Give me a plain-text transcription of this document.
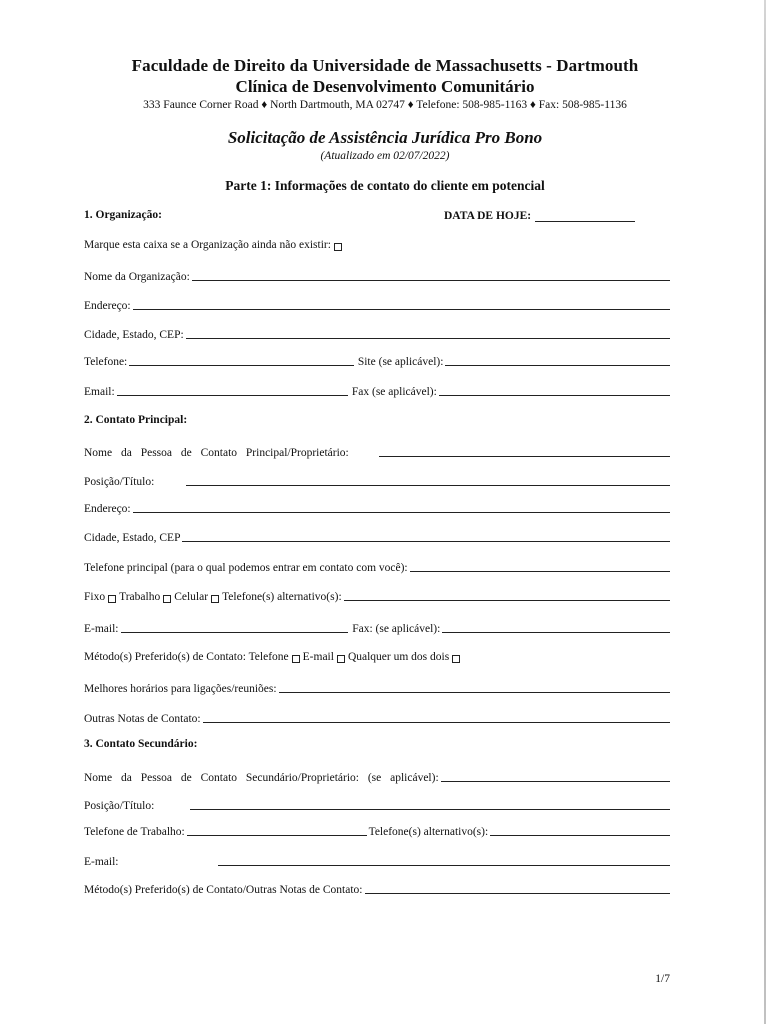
Faculdade de Direito da Universidade de Massachusetts - Dartmouth
Clínica de Desenvolvimento Comunitário
333 Faunce Corner Road ♦ North Dartmouth, MA 02747 ♦ Telefone: 508-985-1163 ♦ Fax: 508-985-1136
Solicitação de Assistência Jurídica Pro Bono
(Atualizado em 02/07/2022)
Parte 1: Informações de contato do cliente em potencial
1. Organização:	DATA DE HOJE:
Marque esta caixa se a Organização ainda não existir:
Nome da Organização:
Endereço:
Cidade, Estado, CEP:
Telefone:	Site (se aplicável):
Email:	Fax (se aplicável):
2. Contato Principal:
Nome da Pessoa de Contato Principal/Proprietário:
Posição/Título:
Endereço:
Cidade, Estado, CEP
Telefone principal (para o qual podemos entrar em contato com você):
Fixo Trabalho Celular Telefone(s) alternativo(s):
E-mail:	Fax: (se aplicável):
Método(s) Preferido(s) de Contato: Telefone E-mail Qualquer um dos dois
Melhores horários para ligações/reuniões:
Outras Notas de Contato:
3. Contato Secundário:
Nome da Pessoa de Contato Secundário/Proprietário: (se aplicável):
Posição/Título:
Telefone de Trabalho:	Telefone(s) alternativo(s):
E-mail:
Método(s) Preferido(s) de Contato/Outras Notas de Contato:
1/7
